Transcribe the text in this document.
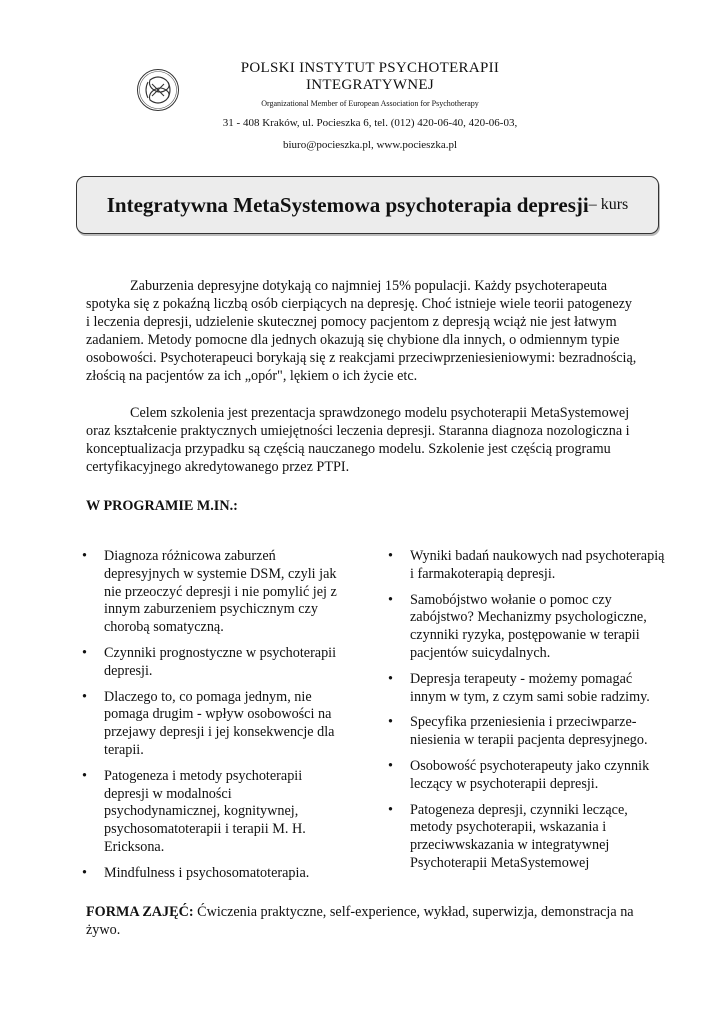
POLSKI INSTYTUT PSYCHOTERAPII
INTEGRATYWNEJ
Organizational Member of European Association for Psychotherapy
31 - 408 Kraków, ul. Pocieszka 6, tel. (012) 420-06-40, 420-06-03,
biuro@pocieszka.pl, www.pocieszka.pl
Integratywna MetaSystemowa psychoterapia depresji – kurs
Zaburzenia depresyjne dotykają co najmniej 15% populacji. Każdy psychoterapeuta spotyka się z pokaźną liczbą osób cierpiących na depresję. Choć istnieje wiele teorii patogenezy i leczenia depresji, udzielenie skutecznej pomocy pacjentom z depresją wciąż nie jest łatwym zadaniem. Metody pomocne dla jednych okazują się chybione dla innych, o odmiennym typie osobowości. Psychoterapeuci borykają się z reakcjami przeciwprzeniesieniowymi: bezradnością, złością na pacjentów za ich „opór", lękiem o ich życie etc.
Celem szkolenia jest prezentacja sprawdzonego modelu psychoterapii MetaSystemowej oraz kształcenie praktycznych umiejętności leczenia depresji. Staranna diagnoza nozologiczna i konceptualizacja przypadku są częścią nauczanego modelu. Szkolenie jest częścią programu certyfikacyjnego akredytowanego przez PTPI.
W PROGRAMIE M.IN.:
• Diagnoza różnicowa zaburzeń depresyjnych w systemie DSM, czyli jak nie przeoczyć depresji i nie pomylić jej z innym zaburzeniem psychicznym czy chorobą somatyczną.
• Czynniki prognostyczne w psychoterapii depresji.
• Dlaczego to, co pomaga jednym, nie pomaga drugim - wpływ osobowości na przejawy depresji i jej konsekwencje dla terapii.
• Patogeneza i metody psychoterapii depresji w modalności psychodynamicznej, kognitywnej, psychosomatoterapii i terapii M. H. Ericksona.
• Mindfulness i psychosomatoterapia.
• Wyniki badań naukowych nad psychoterapią i farmakoterapią depresji.
• Samobójstwo wołanie o pomoc czy zabójstwo? Mechanizmy psychologiczne, czynniki ryzyka, postępowanie w terapii pacjentów suicydalnych.
• Depresja terapeuty - możemy pomagać innym w tym, z czym sami sobie radzimy.
• Specyfika przeniesienia i przeciwparze-niesienia w terapii pacjenta depresyjnego.
• Osobowość psychoterapeuty jako czynnik leczący w psychoterapii depresji.
• Patogeneza depresji, czynniki leczące, metody psychoterapii, wskazania i przeciwwskazania w integratywnej Psychoterapii MetaSystemowej
FORMA ZAJĘĆ: Ćwiczenia praktyczne, self-experience, wykład, superwizja, demonstracja na żywo.
